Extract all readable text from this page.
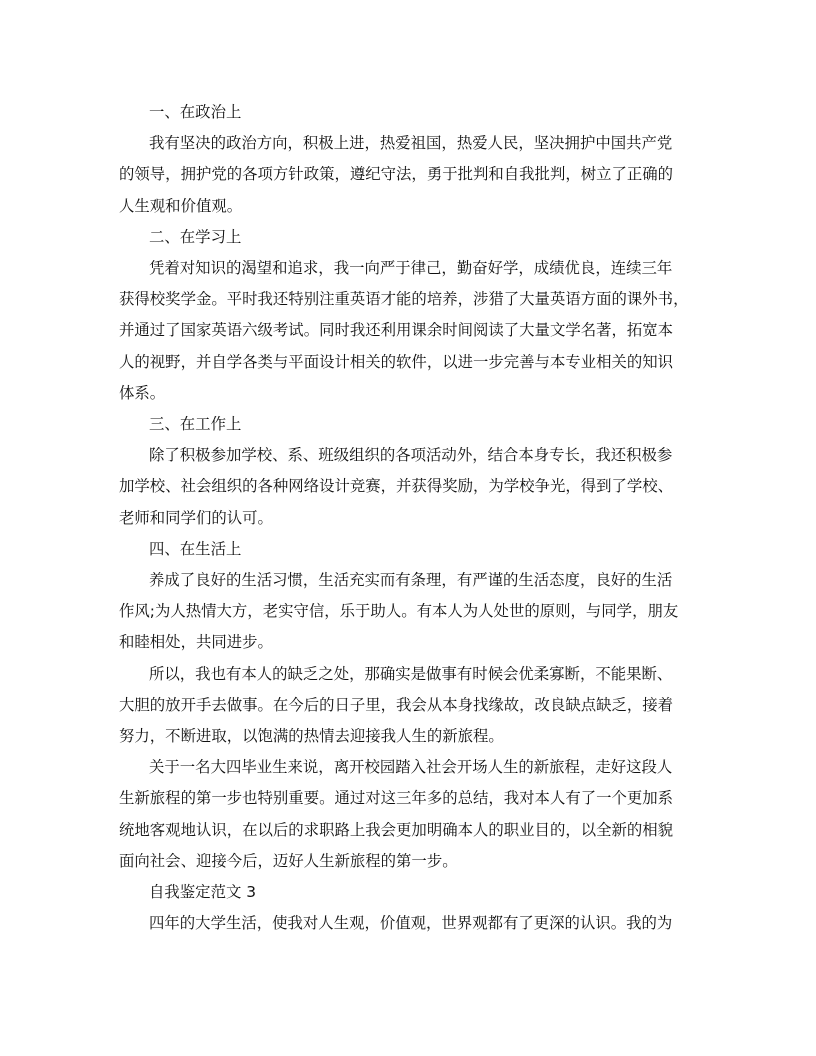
一、在政治上
我有坚决的政治方向，积极上进，热爱祖国，热爱人民，坚决拥护中国共产党
的领导，拥护党的各项方针政策，遵纪守法，勇于批判和自我批判，树立了正确的
人生观和价值观。
二、在学习上
凭着对知识的渴望和追求，我一向严于律己，勤奋好学，成绩优良，连续三年
获得校奖学金。平时我还特别注重英语才能的培养，涉猎了大量英语方面的课外书，
并通过了国家英语六级考试。同时我还利用课余时间阅读了大量文学名著，拓宽本
人的视野，并自学各类与平面设计相关的软件，以进一步完善与本专业相关的知识
体系。
三、在工作上
除了积极参加学校、系、班级组织的各项活动外，结合本身专长，我还积极参
加学校、社会组织的各种网络设计竞赛，并获得奖励，为学校争光，得到了学校、
老师和同学们的认可。
四、在生活上
养成了良好的生活习惯，生活充实而有条理，有严谨的生活态度，良好的生活
作风;为人热情大方，老实守信，乐于助人。有本人为人处世的原则，与同学，朋友
和睦相处，共同进步。
所以，我也有本人的缺乏之处，那确实是做事有时候会优柔寡断，不能果断、
大胆的放开手去做事。在今后的日子里，我会从本身找缘故，改良缺点缺乏，接着
努力，不断进取，以饱满的热情去迎接我人生的新旅程。
关于一名大四毕业生来说，离开校园踏入社会开场人生的新旅程，走好这段人
生新旅程的第一步也特别重要。通过对这三年多的总结，我对本人有了一个更加系
统地客观地认识，在以后的求职路上我会更加明确本人的职业目的，以全新的相貌
面向社会、迎接今后，迈好人生新旅程的第一步。
自我鉴定范文 3
四年的大学生活，使我对人生观，价值观，世界观都有了更深的认识。我的为
